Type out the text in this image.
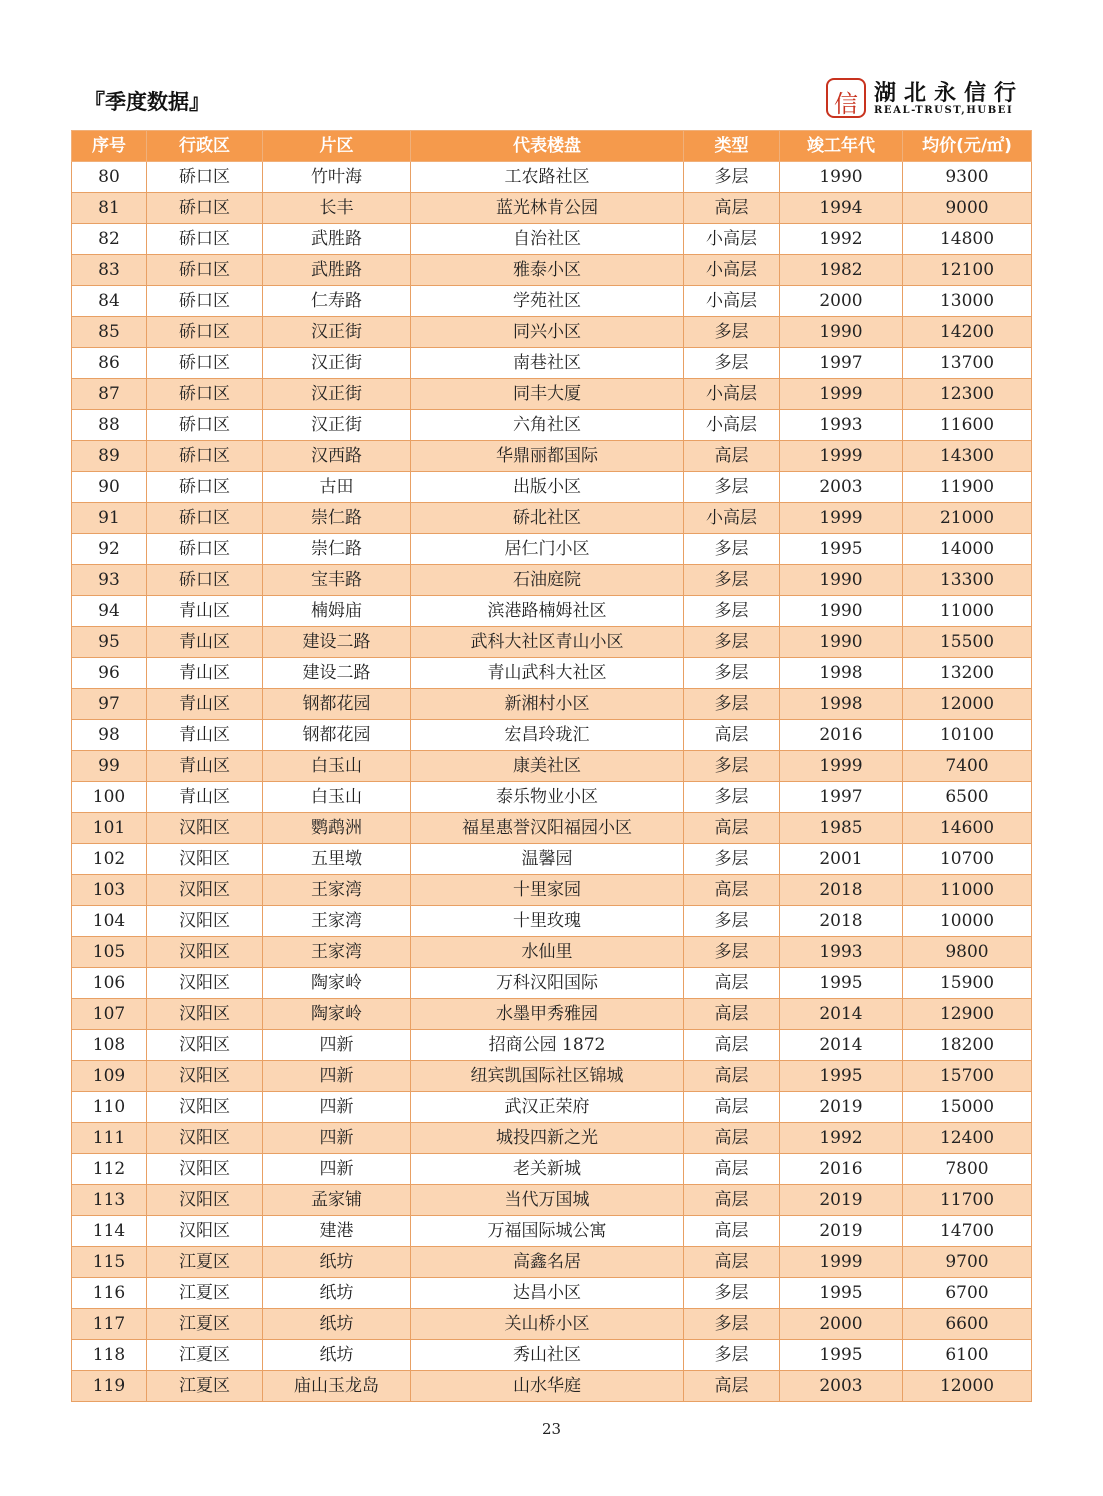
『季度数据』	信 湖北永信行
REAL-TRUST,HUBEI
序号	行政区	片区	代表楼盘	类型	竣工年代	均价(元/㎡)
80	硚口区	竹叶海	工农路社区	多层	1990	9300
81	硚口区	长丰	蓝光林肯公园	高层	1994	9000
82	硚口区	武胜路	自治社区	小高层	1992	14800
83	硚口区	武胜路	雅泰小区	小高层	1982	12100
84	硚口区	仁寿路	学苑社区	小高层	2000	13000
85	硚口区	汉正街	同兴小区	多层	1990	14200
86	硚口区	汉正街	南巷社区	多层	1997	13700
87	硚口区	汉正街	同丰大厦	小高层	1999	12300
88	硚口区	汉正街	六角社区	小高层	1993	11600
89	硚口区	汉西路	华鼎丽都国际	高层	1999	14300
90	硚口区	古田	出版小区	多层	2003	11900
91	硚口区	崇仁路	硚北社区	小高层	1999	21000
92	硚口区	崇仁路	居仁门小区	多层	1995	14000
93	硚口区	宝丰路	石油庭院	多层	1990	13300
94	青山区	楠姆庙	滨港路楠姆社区	多层	1990	11000
95	青山区	建设二路	武科大社区青山小区	多层	1990	15500
96	青山区	建设二路	青山武科大社区	多层	1998	13200
97	青山区	钢都花园	新湘村小区	多层	1998	12000
98	青山区	钢都花园	宏昌玲珑汇	高层	2016	10100
99	青山区	白玉山	康美社区	多层	1999	7400
100	青山区	白玉山	泰乐物业小区	多层	1997	6500
101	汉阳区	鹦鹉洲	福星惠誉汉阳福园小区	高层	1985	14600
102	汉阳区	五里墩	温馨园	多层	2001	10700
103	汉阳区	王家湾	十里家园	高层	2018	11000
104	汉阳区	王家湾	十里玫瑰	多层	2018	10000
105	汉阳区	王家湾	水仙里	多层	1993	9800
106	汉阳区	陶家岭	万科汉阳国际	高层	1995	15900
107	汉阳区	陶家岭	水墨甲秀雅园	高层	2014	12900
108	汉阳区	四新	招商公园 1872	高层	2014	18200
109	汉阳区	四新	纽宾凯国际社区锦城	高层	1995	15700
110	汉阳区	四新	武汉正荣府	高层	2019	15000
111	汉阳区	四新	城投四新之光	高层	1992	12400
112	汉阳区	四新	老关新城	高层	2016	7800
113	汉阳区	孟家铺	当代万国城	高层	2019	11700
114	汉阳区	建港	万福国际城公寓	高层	2019	14700
115	江夏区	纸坊	高鑫名居	高层	1999	9700
116	江夏区	纸坊	达昌小区	多层	1995	6700
117	江夏区	纸坊	关山桥小区	多层	2000	6600
118	江夏区	纸坊	秀山社区	多层	1995	6100
119	江夏区	庙山玉龙岛	山水华庭	高层	2003	12000
23
